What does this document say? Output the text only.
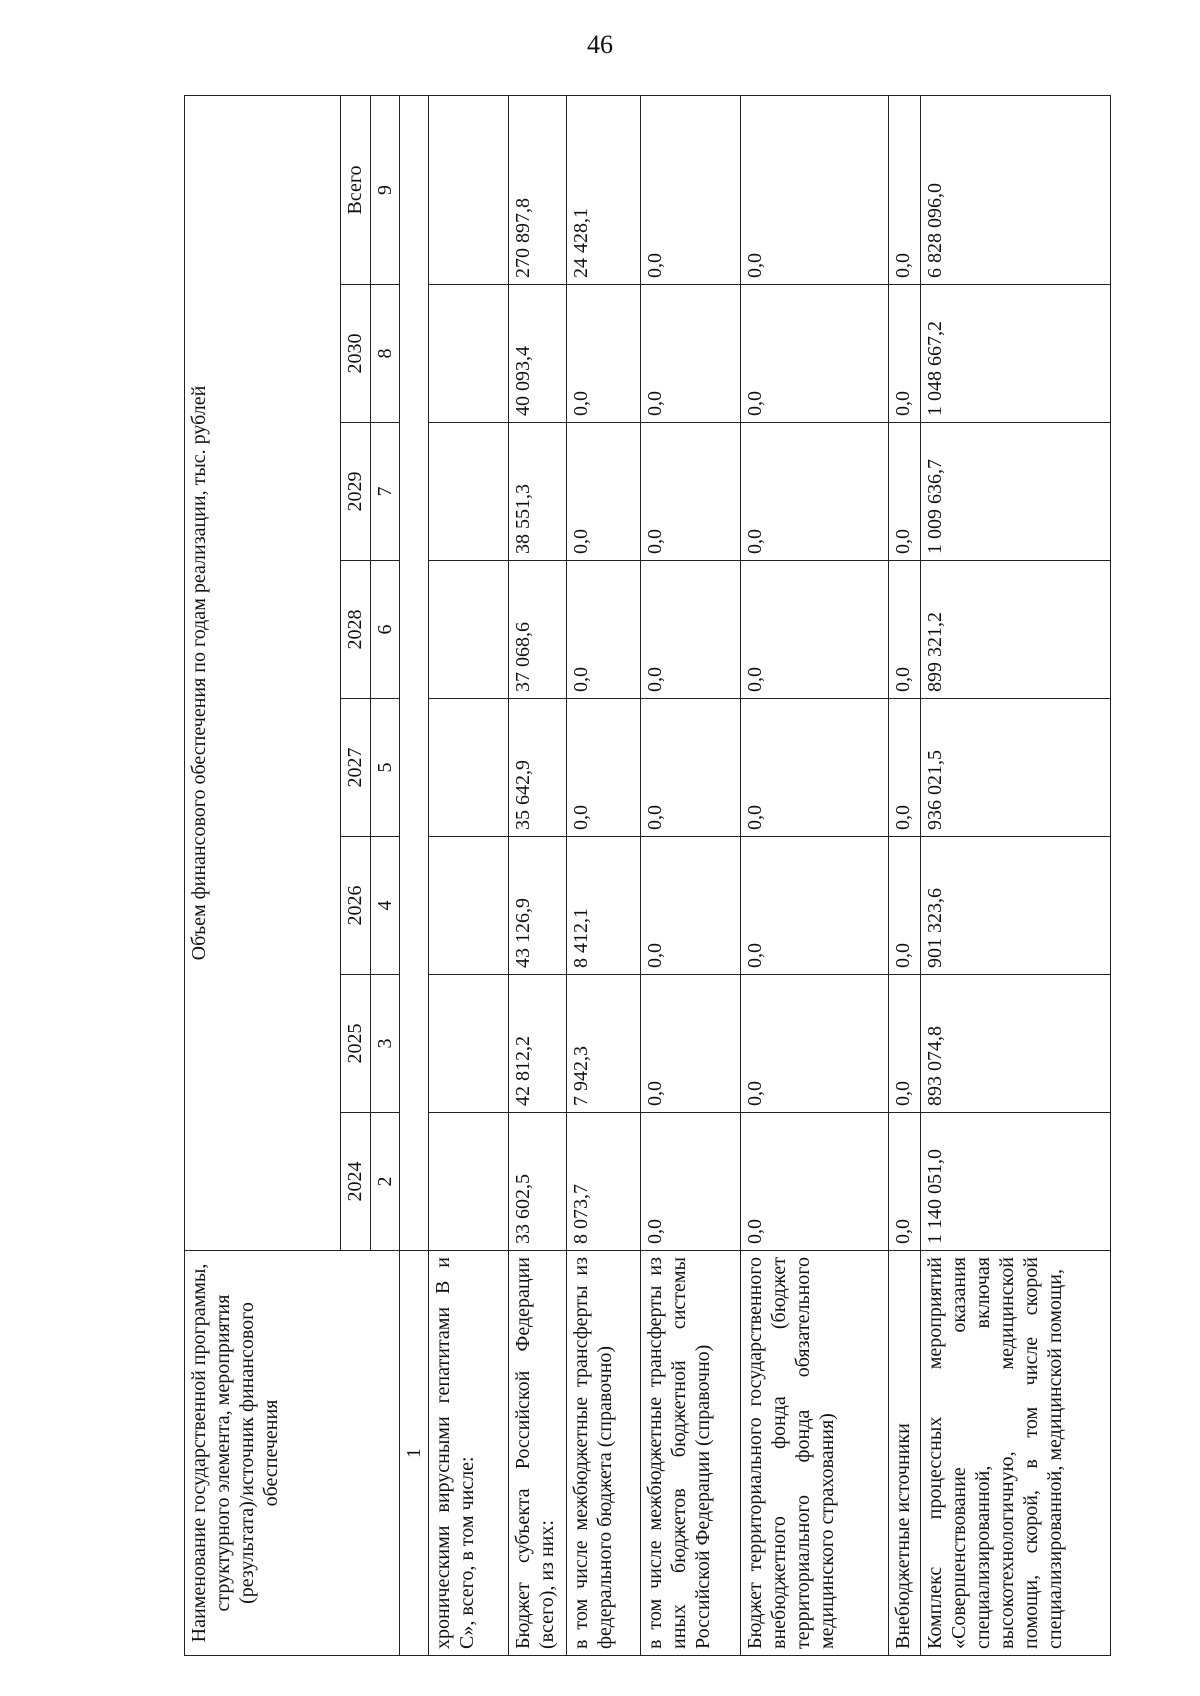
46
Наименование государственной программы, структурного элемента, мероприятия (результата)/источник финансового обеспечения	Объем финансового обеспечения по годам реализации, тыс. рублей							
	2024	2025	2026	2027	2028	2029	2030	Всего
	2	3	4	5	6	7	8	9
1								
хроническими вирусными гепатитами В и С», всего, в том числе:								
Бюджет субъекта Российской Федерации (всего), из них:	33 602,5	42 812,2	43 126,9	35 642,9	37 068,6	38 551,3	40 093,4	270 897,8
в том числе межбюджетные трансферты из федерального бюджета (справочно)	8 073,7	7 942,3	8 412,1	0,0	0,0	0,0	0,0	24 428,1
в том числе межбюджетные трансферты из иных бюджетов бюджетной системы Российской Федерации (справочно)	0,0	0,0	0,0	0,0	0,0	0,0	0,0	0,0
Бюджет территориального государственного внебюджетного фонда (бюджет территориального фонда обязательного медицинского страхования)	0,0	0,0	0,0	0,0	0,0	0,0	0,0	0,0
Внебюджетные источники	0,0	0,0	0,0	0,0	0,0	0,0	0,0	0,0
Комплекс процессных мероприятий «Совершенствование оказания специализированной, включая высокотехнологичную, медицинской помощи, скорой, в том числе скорой специализированной, медицинской помощи,	1 140 051,0	893 074,8	901 323,6	936 021,5	899 321,2	1 009 636,7	1 048 667,2	6 828 096,0
